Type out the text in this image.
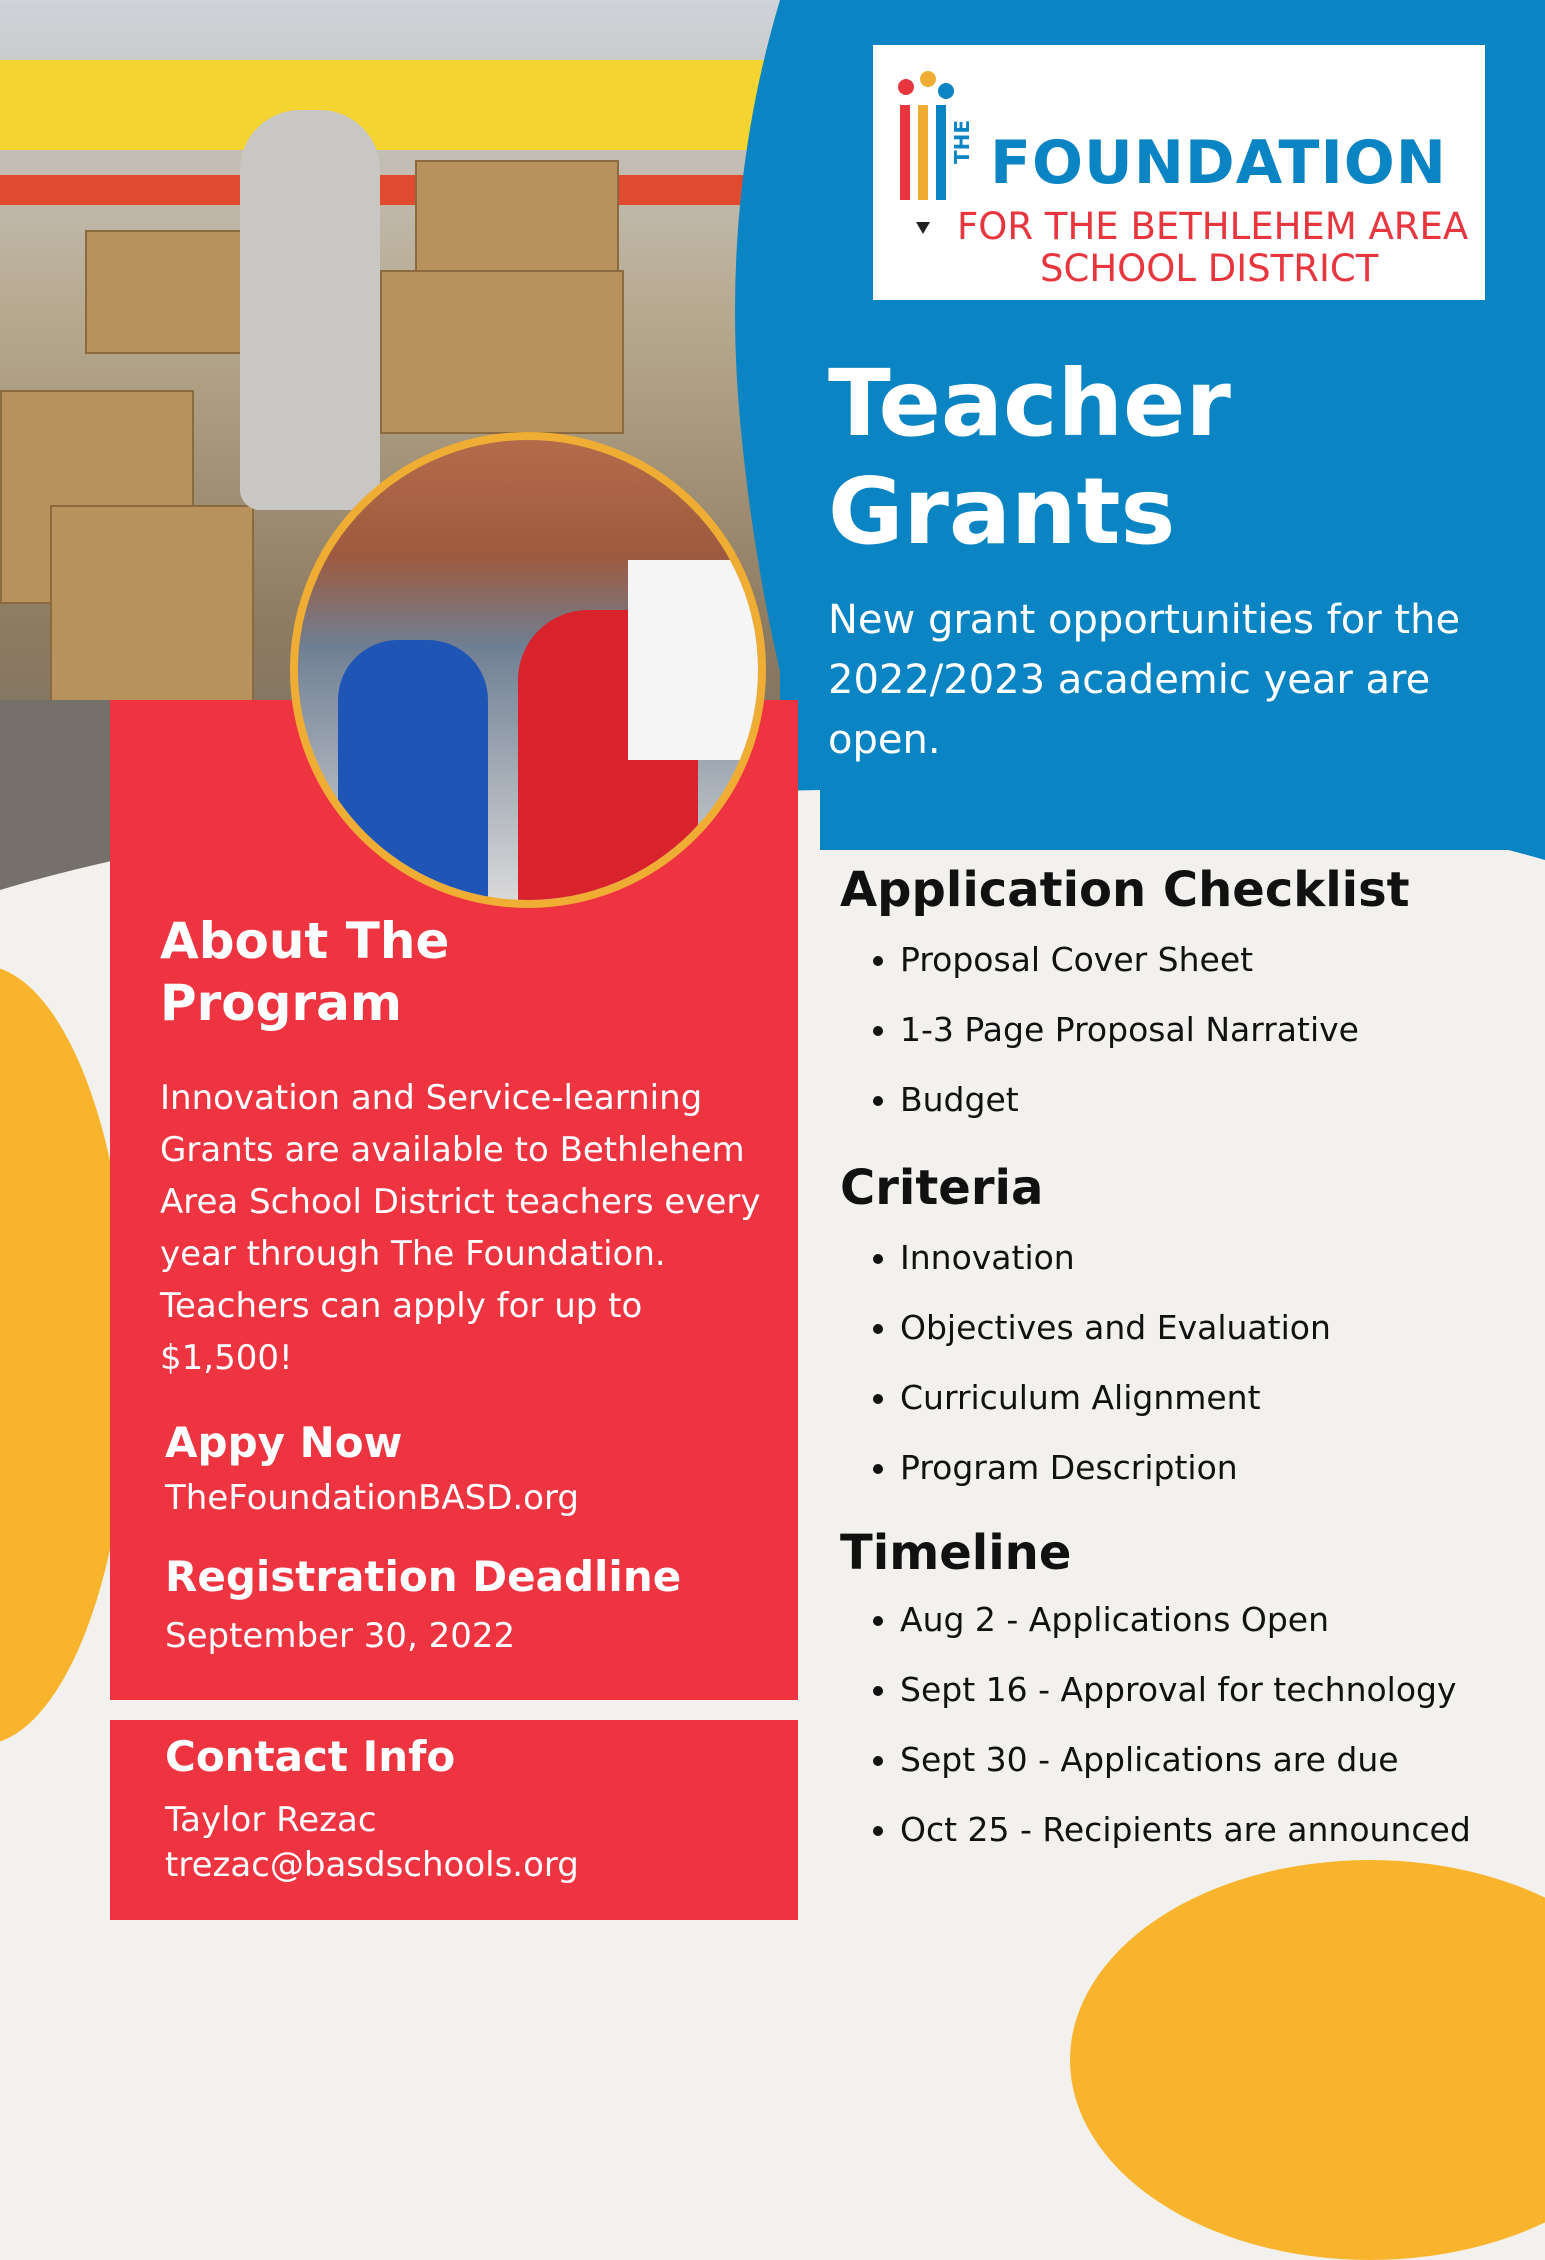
THE FOUNDATION
FOR THE BETHLEHEM AREA
SCHOOL DISTRICT
Teacher
Grants
New grant opportunities for the 2022/2023 academic year are open.
About The Program
Innovation and Service-learning Grants are available to Bethlehem Area School District teachers every year through The Foundation. Teachers can apply for up to $1,500!
Appy Now
TheFoundationBASD.org
Registration Deadline
September 30, 2022
Contact Info
Taylor Rezac
trezac@basdschools.org
Application Checklist
• Proposal Cover Sheet
• 1-3 Page Proposal Narrative
• Budget
Criteria
• Innovation
• Objectives and Evaluation
• Curriculum Alignment
• Program Description
Timeline
• Aug 2 - Applications Open
• Sept 16 - Approval for technology
• Sept 30 - Applications are due
• Oct 25 - Recipients are announced
